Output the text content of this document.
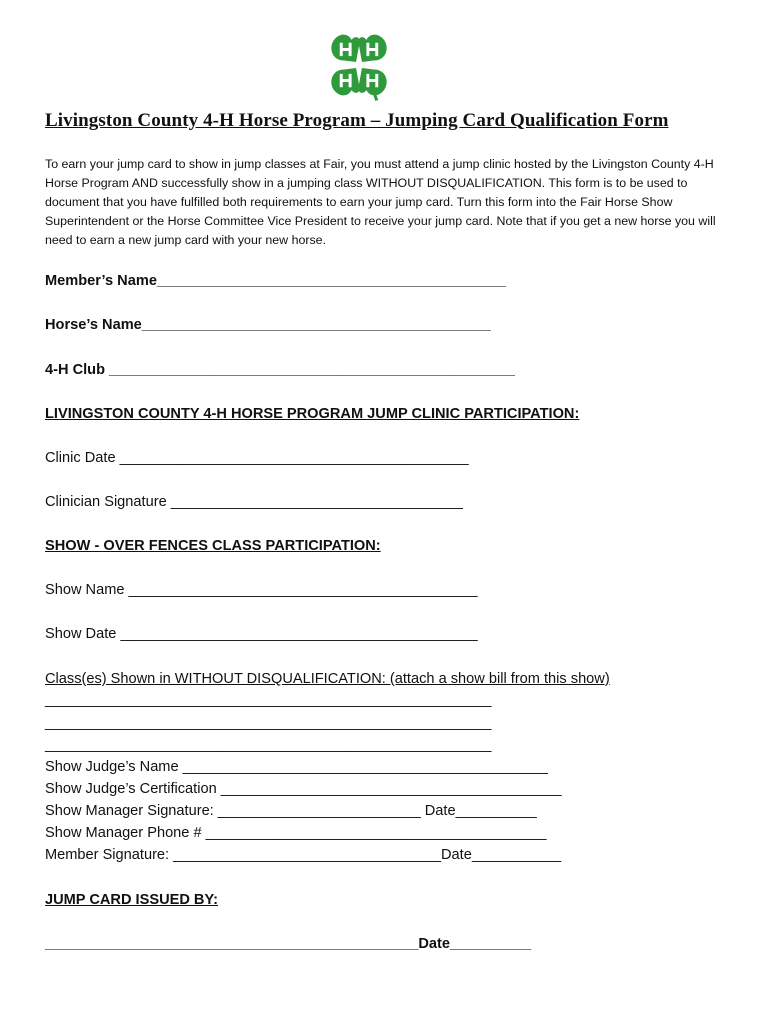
Livingston County 4-H Horse Program – Jumping Card Qualification Form

To earn your jump card to show in jump classes at Fair, you must attend a jump clinic hosted by the Livingston County 4-H Horse Program AND successfully show in a jumping class WITHOUT DISQUALIFICATION. This form is to be used to document that you have fulfilled both requirements to earn your jump card. Turn this form into the Fair Horse Show Superintendent or the Horse Committee Vice President to receive your jump card. Note that if you get a new horse you will need to earn a new jump card with your new horse.

Member’s Name___________________________________________
Horse’s Name___________________________________________
4-H Club __________________________________________________
LIVINGSTON COUNTY 4-H HORSE PROGRAM JUMP CLINIC PARTICIPATION:
Clinic Date ___________________________________________
Clinician Signature ____________________________________
SHOW - OVER FENCES CLASS PARTICIPATION:
Show Name ___________________________________________
Show Date ____________________________________________
Class(es) Shown in WITHOUT DISQUALIFICATION: (attach a show bill from this show)
_______________________________________________________
_______________________________________________________
_______________________________________________________
Show Judge’s Name _____________________________________________
Show Judge’s Certification __________________________________________
Show Manager Signature: _________________________ Date__________
Show Manager Phone # __________________________________________
Member Signature: _________________________________Date___________
JUMP CARD ISSUED BY:
______________________________________________Date__________
